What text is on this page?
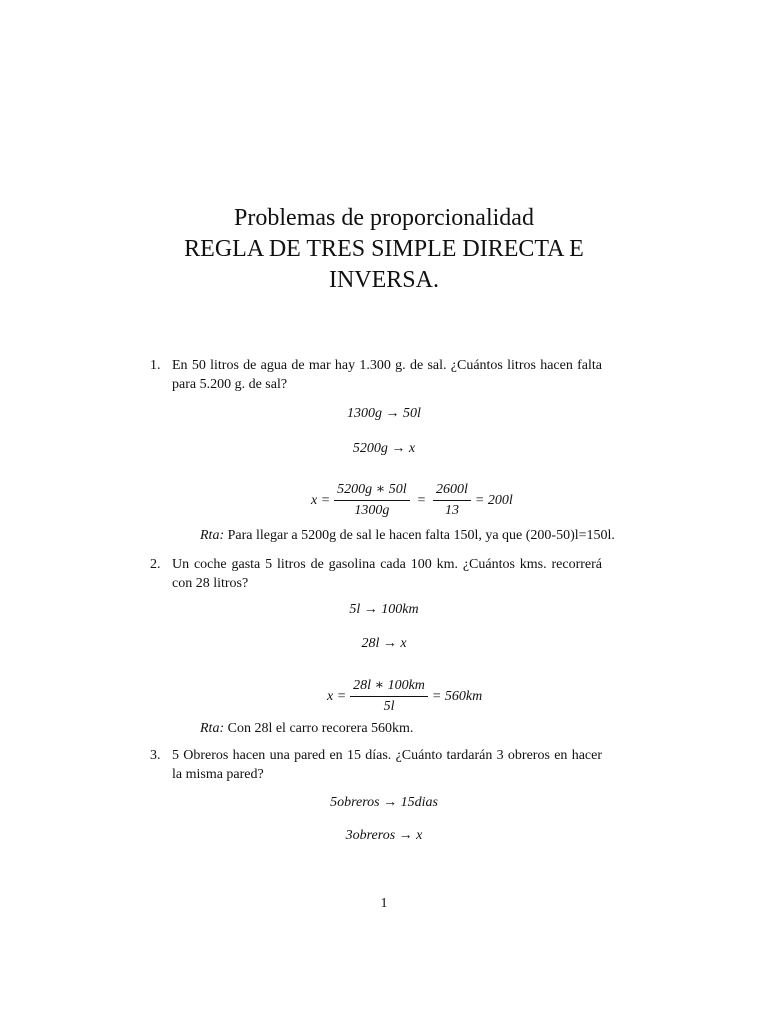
Problemas de proporcionalidad
REGLA DE TRES SIMPLE DIRECTA E
INVERSA.
1. En 50 litros de agua de mar hay 1.300 g. de sal. ¿Cuántos litros hacen falta para 5.200 g. de sal?
1300g → 50l
5200g → x
$x = \frac{5200g ∗ 50l}{1300g} = \frac{2600l}{13} = 200l$
Rta: Para llegar a 5200g de sal le hacen falta 150l, ya que (200-50)l=150l.
2. Un coche gasta 5 litros de gasolina cada 100 km. ¿Cuántos kms. recorrerá con 28 litros?
5l → 100km
28l → x
$x = \frac{28l ∗ 100km}{5l} = 560km$
Rta: Con 28l el carro recorera 560km.
3. 5 Obreros hacen una pared en 15 días. ¿Cuánto tardarán 3 obreros en hacer la misma pared?
5obreros → 15dias
3obreros → x
1
